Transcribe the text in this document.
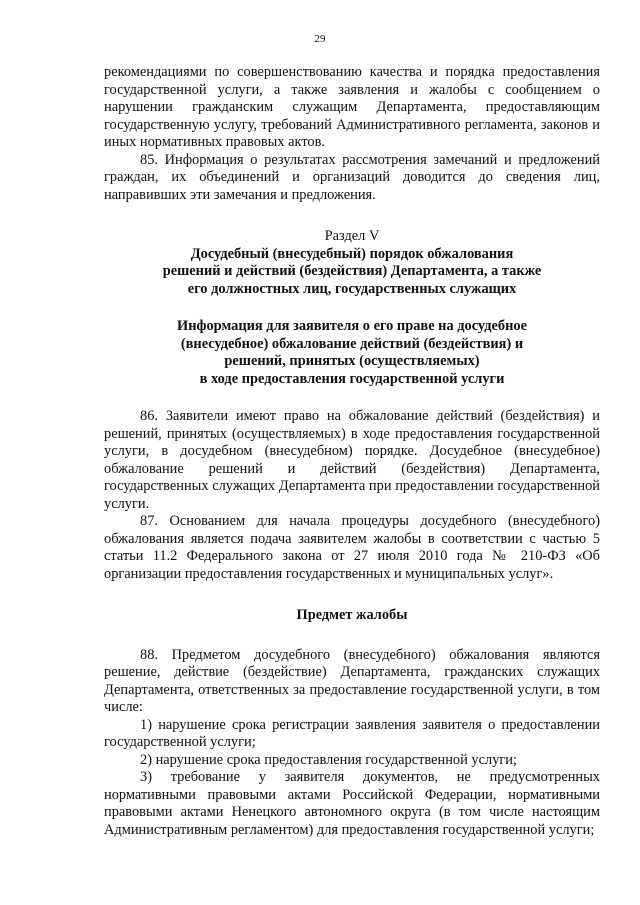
29

рекомендациями по совершенствованию качества и порядка предоставления государственной услуги, а также заявления и жалобы с сообщением о нарушении гражданским служащим Департамента, предоставляющим государственную услугу, требований Административного регламента, законов и иных нормативных правовых актов.

85. Информация о результатах рассмотрения замечаний и предложений граждан, их объединений и организаций доводится до сведения лиц, направивших эти замечания и предложения.

Раздел V

Досудебный (внесудебный) порядок обжалования

решений и действий (бездействия) Департамента, а также

его должностных лиц, государственных служащих

Информация для заявителя о его праве на досудебное

(внесудебное) обжалование действий (бездействия) и

решений, принятых (осуществляемых)

в ходе предоставления государственной услуги

86. Заявители имеют право на обжалование действий (бездействия) и решений, принятых (осуществляемых) в ходе предоставления государственной услуги, в досудебном (внесудебном) порядке. Досудебное (внесудебное) обжалование решений и действий (бездействия) Департамента, государственных служащих Департамента при предоставлении государственной услуги.

87. Основанием для начала процедуры досудебного (внесудебного) обжалования является подача заявителем жалобы в соответствии с частью 5 статьи 11.2 Федерального закона от 27 июля 2010 года № 210-ФЗ «Об организации предоставления государственных и муниципальных услуг».

Предмет жалобы

88. Предметом досудебного (внесудебного) обжалования являются решение, действие (бездействие) Департамента, гражданских служащих Департамента, ответственных за предоставление государственной услуги, в том числе:

1) нарушение срока регистрации заявления заявителя о предоставлении государственной услуги;

2) нарушение срока предоставления государственной услуги;

3) требование у заявителя документов, не предусмотренных нормативными правовыми актами Российской Федерации, нормативными правовыми актами Ненецкого автономного округа (в том числе настоящим Административным регламентом) для предоставления государственной услуги;
